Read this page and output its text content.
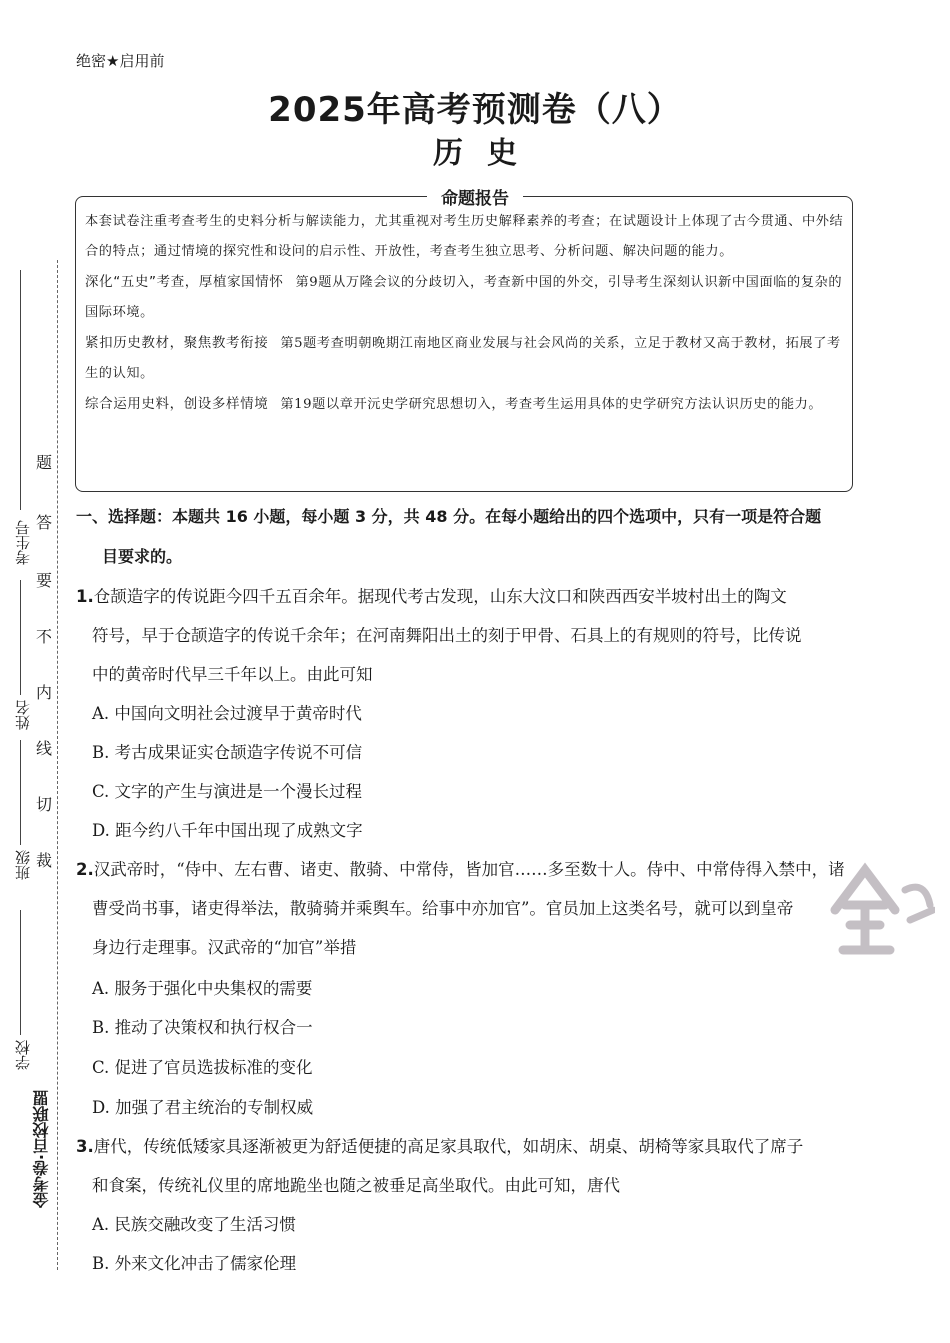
金考卷·百校联盟
学校
班级
姓名
考生号
裁
切
线
内
不
要
答
题
绝密★启用前
2025年高考预测卷（八）
历史
命题报告

本套试卷注重考查考生的史料分析与解读能力，尤其重视对考生历史解释素养的考查；在试题设计上体现了古今贯通、中外结合的特点；通过情境的探究性和设问的启示性、开放性，考查考生独立思考、分析问题、解决问题的能力。

深化“五史”考查，厚植家国情怀 第9题从万隆会议的分歧切入，考查新中国的外交，引导考生深刻认识新中国面临的复杂的国际环境。

紧扣历史教材，聚焦教考衔接 第5题考查明朝晚期江南地区商业发展与社会风尚的关系，立足于教材又高于教材，拓展了考生的认知。

综合运用史料，创设多样情境 第19题以章开沅史学研究思想切入，考查考生运用具体的史学研究方法认识历史的能力。

一、选择题：本题共 16 小题，每小题 3 分，共 48 分。在每小题给出的四个选项中，只有一项是符合题
目要求的。
1.仓颉造字的传说距今四千五百余年。据现代考古发现，山东大汶口和陕西西安半坡村出土的陶文
符号，早于仓颉造字的传说千余年；在河南舞阳出土的刻于甲骨、石具上的有规则的符号，比传说
中的黄帝时代早三千年以上。由此可知
A. 中国向文明社会过渡早于黄帝时代
B. 考古成果证实仓颉造字传说不可信
C. 文字的产生与演进是一个漫长过程
D. 距今约八千年中国出现了成熟文字
2.汉武帝时，“侍中、左右曹、诸吏、散骑、中常侍，皆加官……多至数十人。侍中、中常侍得入禁中，诸
曹受尚书事，诸吏得举法，散骑骑并乘舆车。给事中亦加官”。官员加上这类名号，就可以到皇帝
身边行走理事。汉武帝的“加官”举措
A. 服务于强化中央集权的需要
B. 推动了决策权和执行权合一
C. 促进了官员选拔标准的变化
D. 加强了君主统治的专制权威
3.唐代，传统低矮家具逐渐被更为舒适便捷的高足家具取代，如胡床、胡桌、胡椅等家具取代了席子
和食案，传统礼仪里的席地跪坐也随之被垂足高坐取代。由此可知，唐代
A. 民族交融改变了生活习惯
B. 外来文化冲击了儒家伦理
